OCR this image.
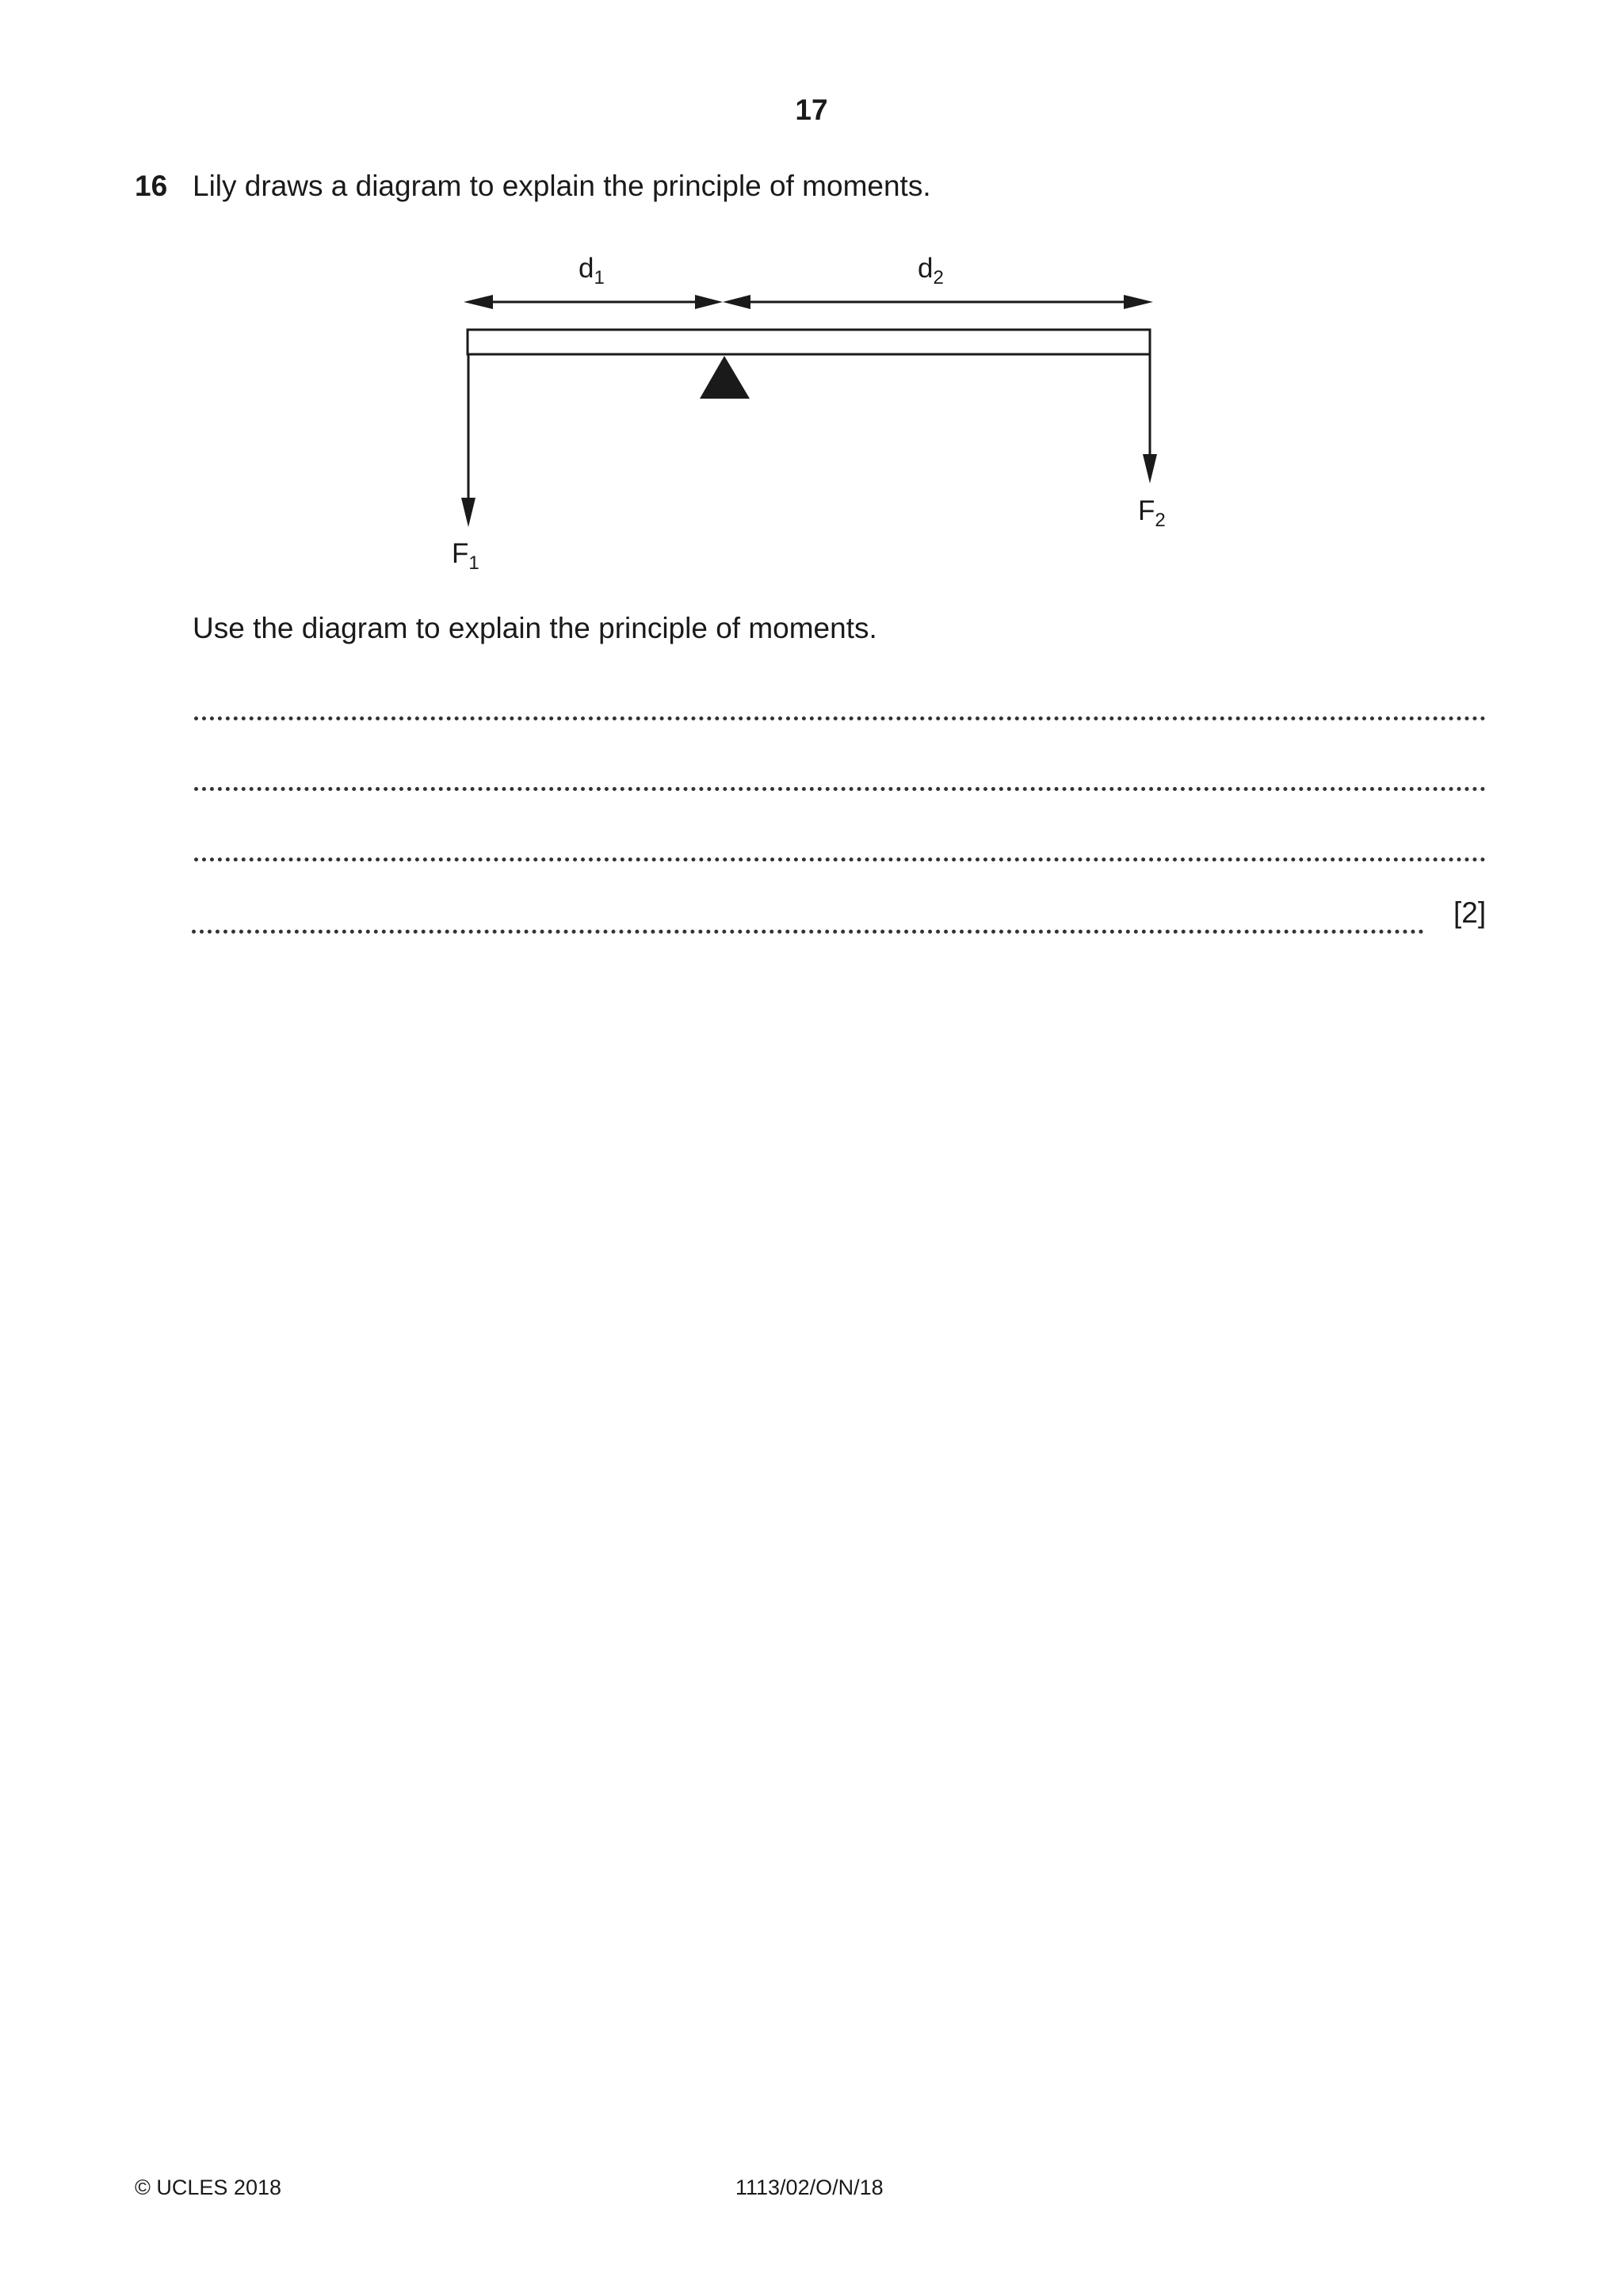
17
16 Lily draws a diagram to explain the principle of moments.
$d_1$	$d_2$
$F_1$
$F_2$
Use the diagram to explain the principle of moments.
[2]
© UCLES 2018	1113/02/O/N/18
